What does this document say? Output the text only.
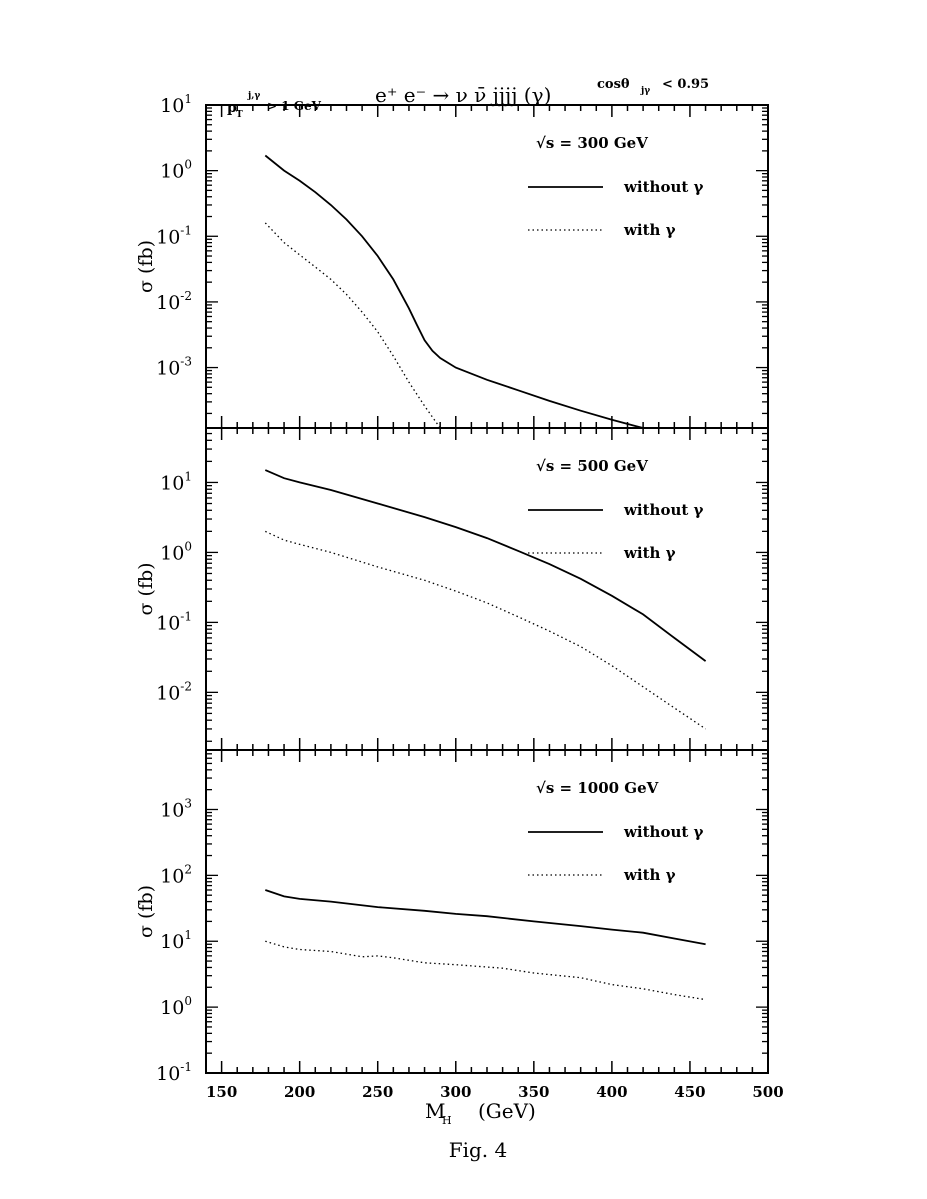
p T
j,γ
> 1 GeV	e⁺ e⁻ → ν ν̄ jjjj (γ)	cosθ jγ < 0.95
$10^1$
$10^0$
$10^{-1}$
$10^{-2}$
$10^{-3}$
σ (fb)
√s = 300 GeV
without γ
with γ
$10^1$
$10^0$
$10^{-1}$
$10^{-2}$
σ (fb)
√s = 500 GeV
without γ
with γ
$10^3$
$10^2$
$10^1$
$10^0$
$10^{-1}$
σ (fb)
150	200	250	300	350	400	450	500
√s = 1000 GeV
without γ
with γ
M
H (GeV)
Fig. 4
